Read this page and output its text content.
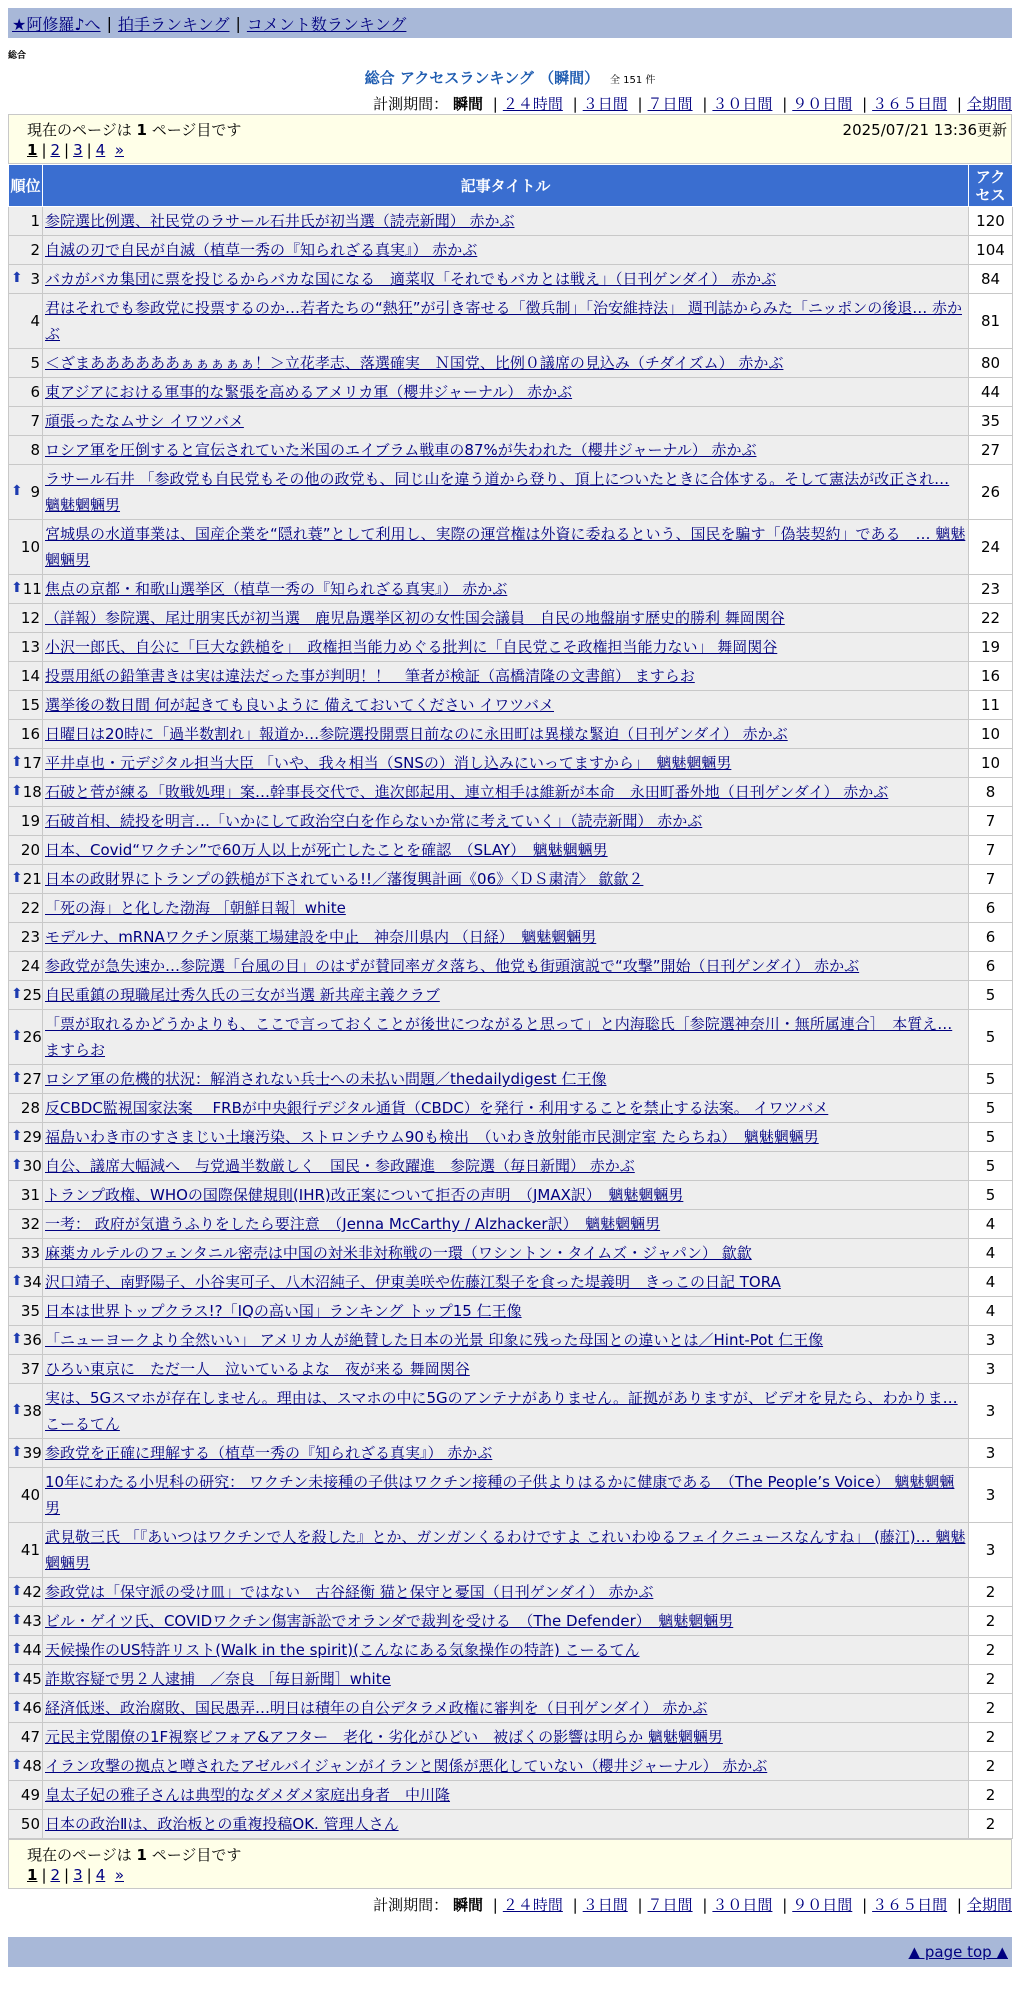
★阿修羅♪へ | 拍手ランキング | コメント数ランキング
総合
総合 アクセスランキング （瞬間） 全 151 件
計測期間： 瞬間 | ２４時間 | ３日間 | ７日間 | ３０日間 | ９０日間 | ３６５日間 | 全期間
現在のページは 1 ページ目です	2025/07/21 13:36更新
1 | 2 | 3 | 4 »
順位	記事タイトル	アクセス
1	参院選比例選、社民党のラサール石井氏が初当選（読売新聞） 赤かぶ	120
2	自滅の刃で自民が自滅（植草一秀の『知られざる真実』） 赤かぶ	104

⬆ 3	バカがバカ集団に票を投じるからバカな国になる　適菜収「それでもバカとは戦え」（日刊ゲンダイ） 赤かぶ	84
4	君はそれでも参政党に投票するのか…若者たちの“熱狂”が引き寄せる「徴兵制」「治安維持法」 週刊誌からみた「ニッポンの後退… 赤かぶ	81
5	＜ざまああああああぁぁぁぁぁ！＞立花孝志、落選確実　Ｎ国党、比例０議席の見込み（チダイズム） 赤かぶ	80
6	東アジアにおける軍事的な緊張を高めるアメリカ軍（櫻井ジャーナル） 赤かぶ	44
7	頑張ったなムサシ イワツバメ	35
8	ロシア軍を圧倒すると宣伝されていた米国のエイブラム戦車の87%が失われた（櫻井ジャーナル） 赤かぶ	27

⬆ 9	ラサール石井 「参政党も自民党もその他の政党も、同じ山を違う道から登り、頂上についたときに合体する。そして憲法が改正され… 魑魅魍魎男	26
10	宮城県の水道事業は、国産企業を“隠れ蓑”として利用し、実際の運営権は外資に委ねるという、国民を騙す「偽装契約」である　… 魑魅魍魎男	24

⬆ 11	焦点の京都・和歌山選挙区（植草一秀の『知られざる真実』） 赤かぶ	23
12	（詳報）参院選、尾辻朋実氏が初当選　鹿児島選挙区初の女性国会議員　自民の地盤崩す歴史的勝利 舞岡関谷	22
13	小沢一郎氏、自公に「巨大な鉄槌を」　政権担当能力めぐる批判に「自民党こそ政権担当能力ない」 舞岡関谷	19
14	投票用紙の鉛筆書きは実は違法だった事が判明！！　筆者が検証（高橋清隆の文書館） ますらお	16
15	選挙後の数日間 何が起きても良いように 備えておいてください イワツバメ	11
16	日曜日は20時に「過半数割れ」報道か…参院選投開票日前なのに永田町は異様な緊迫（日刊ゲンダイ） 赤かぶ	10

⬆ 17	平井卓也・元デジタル担当大臣 「いや、我々相当（SNSの）消し込みにいってますから」　魑魅魍魎男	10

⬆ 18	石破と菅が練る「敗戦処理」案…幹事長交代で、進次郎起用、連立相手は維新が本命　永田町番外地（日刊ゲンダイ） 赤かぶ	8
19	石破首相、続投を明言…「いかにして政治空白を作らないか常に考えていく」（読売新聞） 赤かぶ	7
20	日本、Covid“ワクチン”で60万人以上が死亡したことを確認　（SLAY）　魑魅魍魎男	7

⬆ 21	日本の政財界にトランプの鉄槌が下されている!!／藩復興計画《06》〈ＤＳ粛清〉 歙歙２	7
22	「死の海」と化した渤海 ［朝鮮日報］white	6
23	モデルナ、mRNAワクチン原薬工場建設を中止　神奈川県内 （日経）　魑魅魍魎男	6
24	参政党が急失速か…参院選「台風の目」のはずが賛同率ガタ落ち、他党も街頭演説で“攻撃”開始（日刊ゲンダイ） 赤かぶ	6

⬆ 25	自民重鎮の現職尾辻秀久氏の三女が当選 新共産主義クラブ	5

⬆ 26	「票が取れるかどうかよりも、ここで言っておくことが後世につながると思って」と内海聡氏［参院選神奈川・無所属連合］　本質え… ますらお	5

⬆ 27	ロシア軍の危機的状況：解消されない兵士への未払い問題／thedailydigest 仁王像	5
28	反CBDC監視国家法案　 FRBが中央銀行デジタル通貨（CBDC）を発行・利用することを禁止する法案。 イワツバメ	5

⬆ 29	福島いわき市のすさまじい土壌汚染、ストロンチウム90も検出　（いわき放射能市民測定室 たらちね）　魑魅魍魎男	5

⬆ 30	自公、議席大幅減へ　与党過半数厳しく　国民・参政躍進　参院選（毎日新聞） 赤かぶ	5
31	トランプ政権、WHOの国際保健規則(IHR)改正案について拒否の声明　（JMAX訳）　魑魅魍魎男	5
32	一考： 政府が気遣うふりをしたら要注意　（Jenna McCarthy / Alzhacker訳）　魑魅魍魎男	4
33	麻薬カルテルのフェンタニル密売は中国の対米非対称戦の一環（ワシントン・タイムズ・ジャパン） 歙歙	4

⬆ 34	沢口靖子、南野陽子、小谷実可子、八木沼純子、伊東美咲や佐藤江梨子を食った堤義明　きっこの日記 TORA	4
35	日本は世界トップクラス!?「IQの高い国」ランキング トップ15 仁王像	4

⬆ 36	「ニューヨークより全然いい」 アメリカ人が絶賛した日本の光景 印象に残った母国との違いとは／Hint-Pot 仁王像	3
37	ひろい東京に　ただ一人　泣いているよな　夜が来る 舞岡関谷	3

⬆ 38	実は、5Gスマホが存在しません。理由は、スマホの中に5Gのアンテナがありません。証拠がありますが、ビデオを見たら、わかりま… こーるてん	3

⬆ 39	参政党を正確に理解する（植草一秀の『知られざる真実』） 赤かぶ	3
40	10年にわたる小児科の研究： ワクチン未接種の子供はワクチン接種の子供よりはるかに健康である　（The People’s Voice） 魑魅魍魎男	3
41	武見敬三氏 「『あいつはワクチンで人を殺した』とか、ガンガンくるわけですよ これいわゆるフェイクニュースなんすね」 (藤江)… 魑魅魍魎男	3

⬆ 42	参政党は「保守派の受け皿」ではない　古谷経衡 猫と保守と憂国（日刊ゲンダイ） 赤かぶ	2

⬆ 43	ビル・ゲイツ氏、COVIDワクチン傷害訴訟でオランダで裁判を受ける　（The Defender）　魑魅魍魎男	2

⬆ 44	天候操作のUS特許リスト(Walk in the spirit)(こんなにある気象操作の特許) こーるてん	2

⬆ 45	詐欺容疑で男２人逮捕　／奈良 ［毎日新聞］white	2

⬆ 46	経済低迷、政治腐敗、国民愚弄…明日は積年の自公デタラメ政権に審判を（日刊ゲンダイ） 赤かぶ	2
47	元民主党閣僚の1F視察ビフォア&アフター　老化・劣化がひどい　被ばくの影響は明らか 魑魅魍魎男	2

⬆ 48	イラン攻撃の拠点と噂されたアゼルバイジャンがイランと関係が悪化していない（櫻井ジャーナル） 赤かぶ	2
49	皇太子妃の雅子さんは典型的なダメダメ家庭出身者　中川隆	2
50	日本の政治Ⅱは、政治板との重複投稿OK. 管理人さん	2
現在のページは 1 ページ目です
1 | 2 | 3 | 4 »
計測期間： 瞬間 | ２４時間 | ３日間 | ７日間 | ３０日間 | ９０日間 | ３６５日間 | 全期間
▲ page top ▲
